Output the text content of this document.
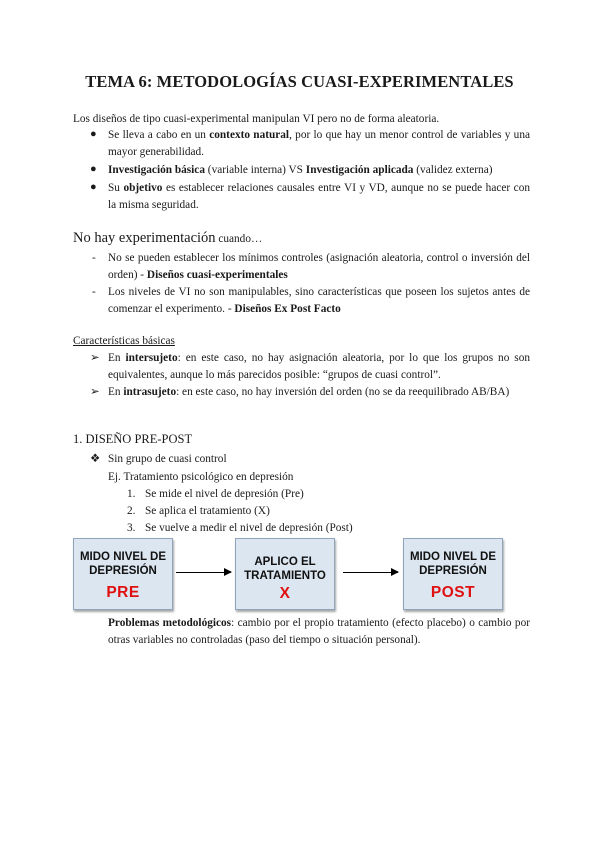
TEMA 6: METODOLOGÍAS CUASI-EXPERIMENTALES
Los diseños de tipo cuasi-experimental manipulan VI pero no de forma aleatoria.
● Se lleva a cabo en un contexto natural, por lo que hay un menor control de variables y una mayor generabilidad.
● Investigación básica (variable interna) VS Investigación aplicada (validez externa)
● Su objetivo es establecer relaciones causales entre VI y VD, aunque no se puede hacer con la misma seguridad.
No hay experimentación cuando…
- No se pueden establecer los mínimos controles (asignación aleatoria, control o inversión del orden) - Diseños cuasi-experimentales
- Los niveles de VI no son manipulables, sino características que poseen los sujetos antes de comenzar el experimento. - Diseños Ex Post Facto
Características básicas
➢ En intersujeto: en este caso, no hay asignación aleatoria, por lo que los grupos no son equivalentes, aunque lo más parecidos posible: “grupos de cuasi control”.
➢ En intrasujeto: en este caso, no hay inversión del orden (no se da reequilibrado AB/BA)
1. DISEÑO PRE-POST
❖ Sin grupo de cuasi control
Ej. Tratamiento psicológico en depresión
1. Se mide el nivel de depresión (Pre)
2. Se aplica el tratamiento (X)
3. Se vuelve a medir el nivel de depresión (Post)
MIDO NIVEL DE
DEPRESIÓN
PRE
APLICO EL
TRATAMIENTO
X
MIDO NIVEL DE
DEPRESIÓN
POST
Problemas metodológicos: cambio por el propio tratamiento (efecto placebo) o cambio por otras variables no controladas (paso del tiempo o situación personal).
